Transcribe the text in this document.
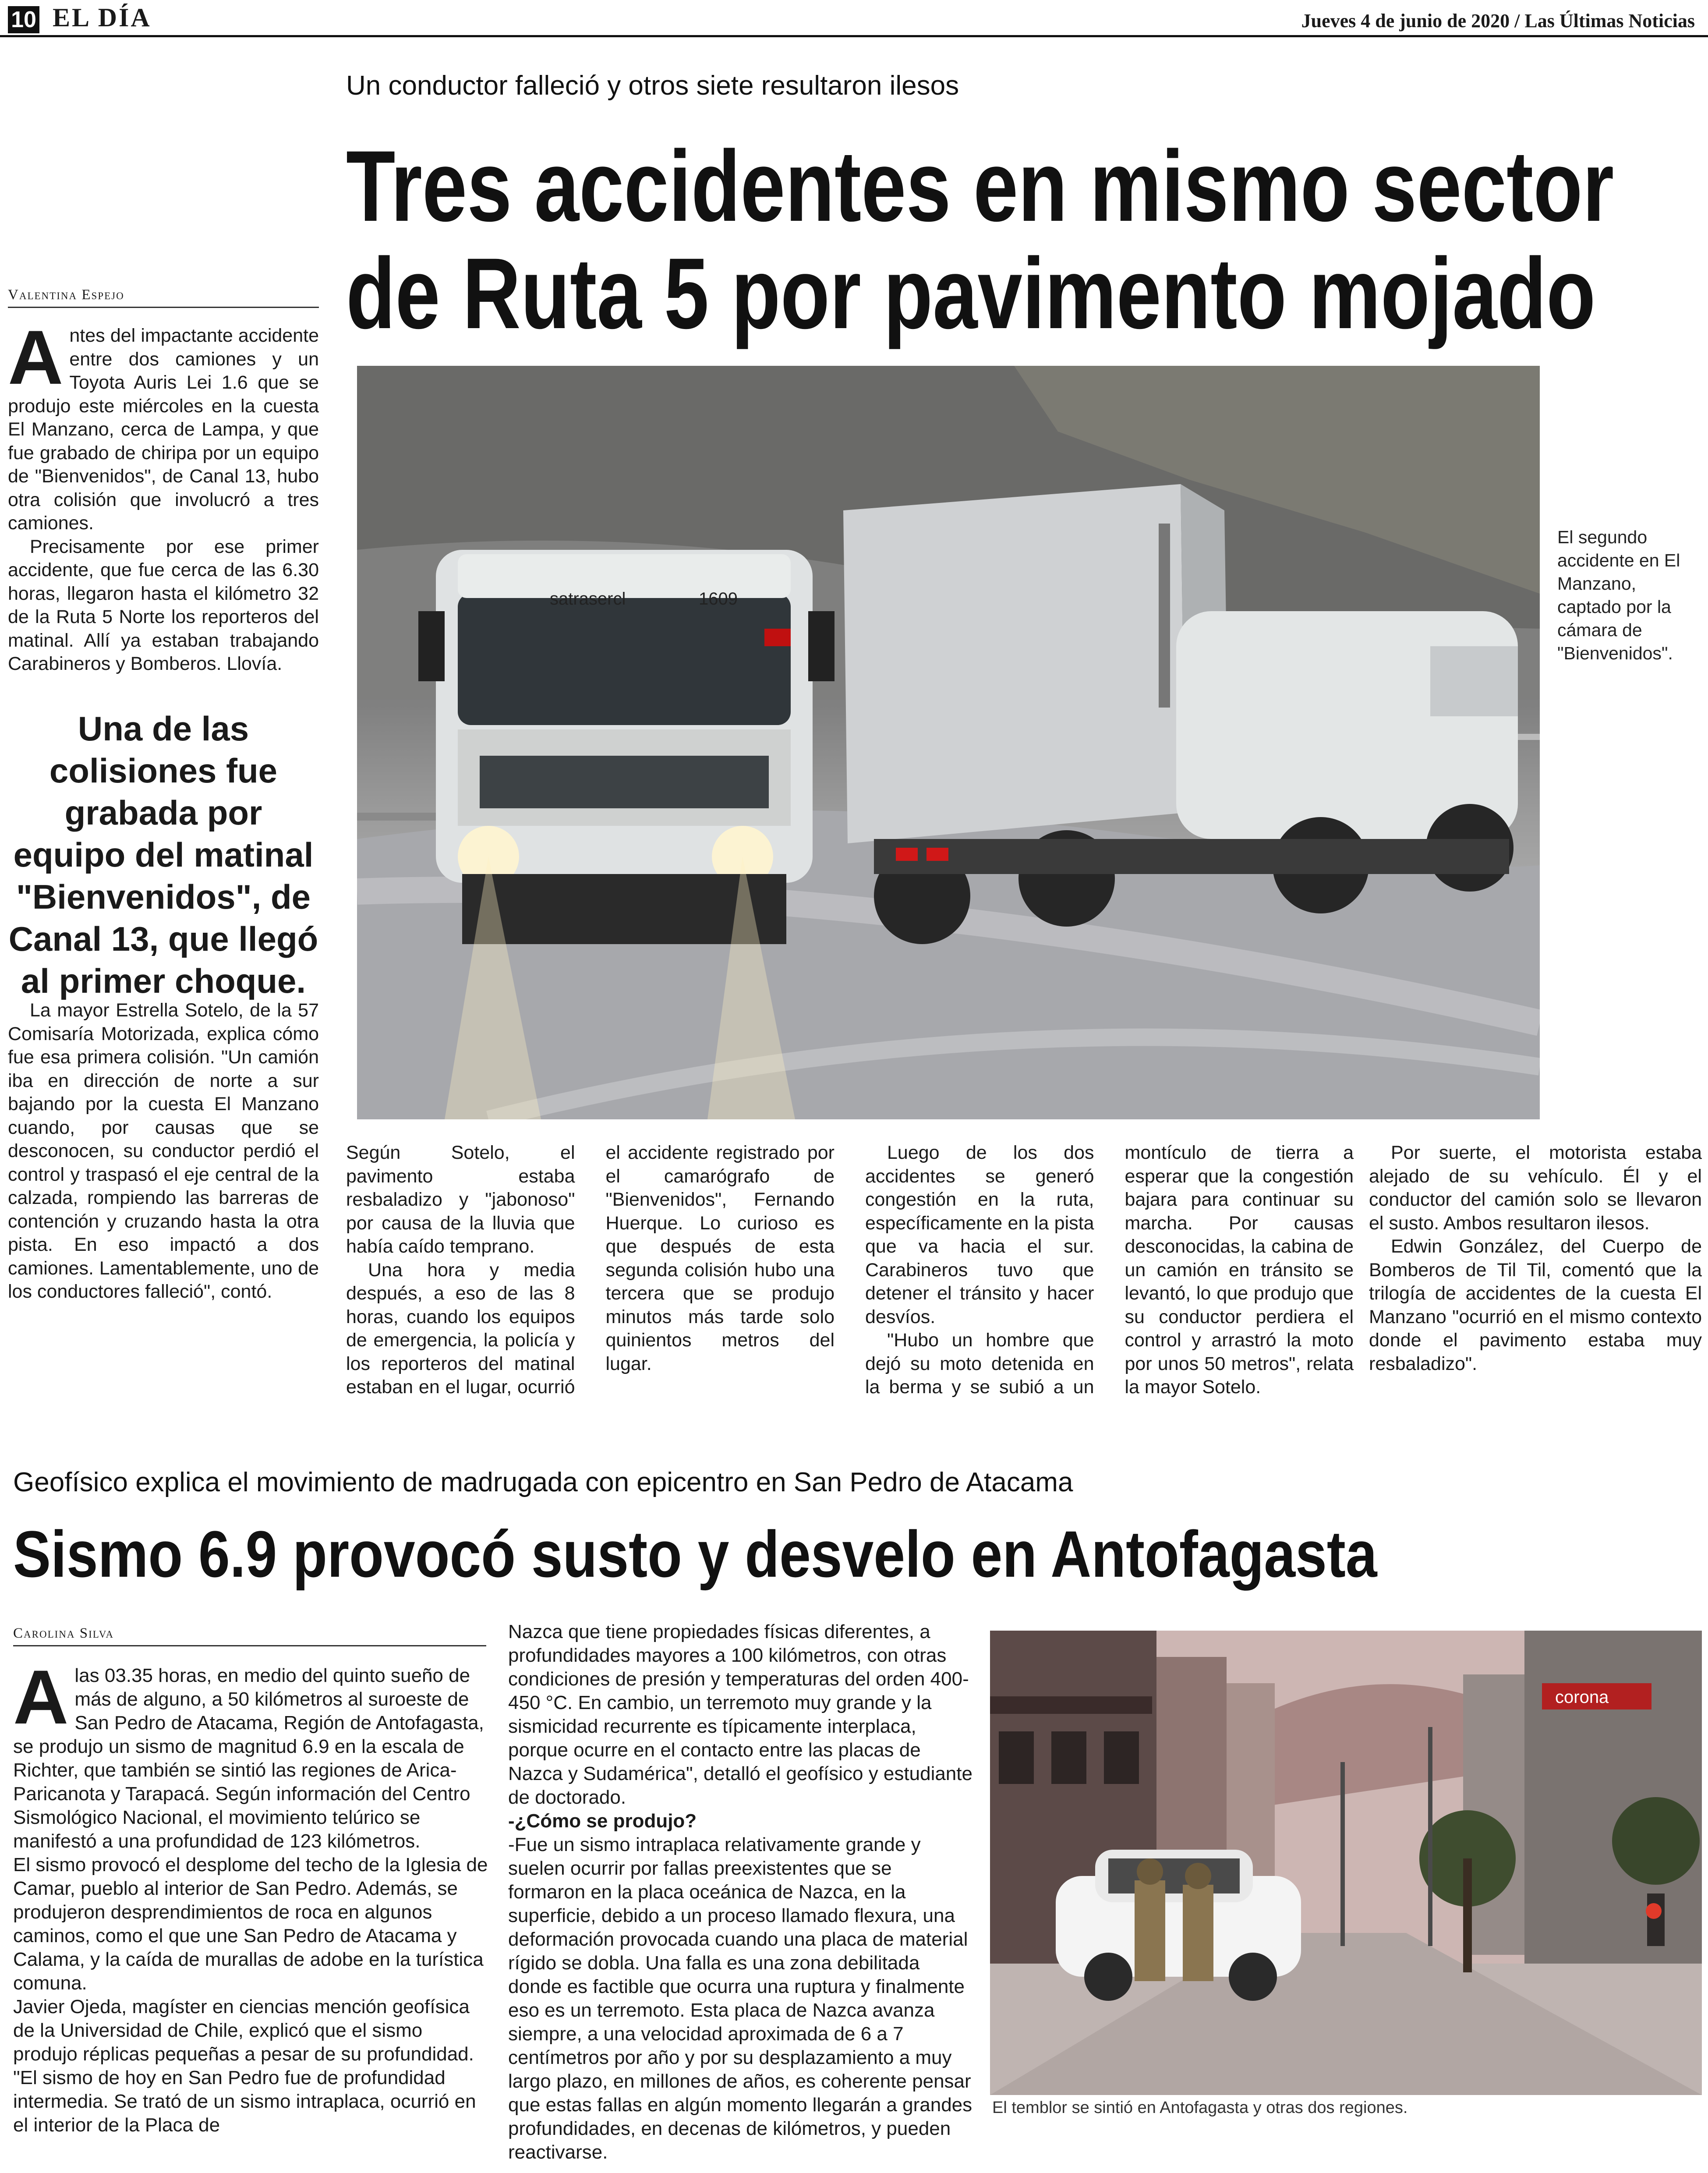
10 EL DÍA	Jueves 4 de junio de 2020 / Las Últimas Noticias
Un conductor falleció y otros siete resultaron ilesos
Tres accidentes en mismo sector
de Ruta 5 por pavimento mojado
Valentina Espejo
A ntes del impactante accidente entre dos camiones y un Toyota Auris Lei 1.6 que se produjo este miércoles en la cuesta El Manzano, cerca de Lampa, y que fue grabado de chiripa por un equipo de "Bienvenidos", de Canal 13, hubo otra colisión que involucró a tres camiones.

Precisamente por ese primer accidente, que fue cerca de las 6.30 horas, llegaron hasta el kilómetro 32 de la Ruta 5 Norte los reporteros del matinal. Allí ya estaban trabajando Carabineros y Bomberos. Llovía.

Una de las colisiones fue grabada por equipo del matinal "Bienvenidos", de Canal 13, que llegó al primer choque.

La mayor Estrella Sotelo, de la 57 Comisaría Motorizada, explica cómo fue esa primera colisión. "Un camión iba en dirección de norte a sur bajando por la cuesta El Manzano cuando, por causas que se desconocen, su conductor perdió el control y traspasó el eje central de la calzada, rompiendo las barreras de contención y cruzando hasta la otra pista. En eso impactó a dos camiones. Lamentablemente, uno de los conductores falleció", contó.

Según Sotelo, el pavimento estaba resbaladizo y "jabonoso" por causa de la lluvia que había caído temprano.

Una hora y media después, a eso de las 8 horas, cuando los equipos de emergencia, la policía y los reporteros del matinal estaban en el lugar, ocurrió el accidente registrado por el camarógrafo de "Bienvenidos", Fernando Huerque. Lo curioso es que después de esta segunda colisión hubo una tercera que se produjo minutos más tarde solo quinientos metros del lugar.

Luego de los dos accidentes se generó congestión en la ruta, específicamente en la pista que va hacia el sur. Carabineros tuvo que detener el tránsito y hacer desvíos.

"Hubo un hombre que dejó su moto detenida en la berma y se subió a un montículo de tierra a esperar que la congestión bajara para continuar su marcha. Por causas desconocidas, la cabina de un camión en tránsito se levantó, lo que produjo que su conductor perdiera el control y arrastró la moto por unos 50 metros", relata la mayor Sotelo.

Por suerte, el motorista estaba alejado de su vehículo. Él y el conductor del camión solo se llevaron el susto. Ambos resultaron ilesos.

Edwin González, del Cuerpo de Bomberos de Til Til, comentó que la trilogía de accidentes de la cuesta El Manzano "ocurrió en el mismo contexto donde el pavimento estaba muy resbaladizo".

satrasercl	1609
El segundo accidente en El Manzano, captado por la cámara de "Bienvenidos".
Geofísico explica el movimiento de madrugada con epicentro en San Pedro de Atacama
Sismo 6.9 provocó susto y desvelo en Antofagasta
Carolina Silva
A las 03.35 horas, en medio del quinto sueño de más de alguno, a 50 kilómetros al suroeste de San Pedro de Atacama, Región de Antofagasta, se produjo un sismo de magnitud 6.9 en la escala de Richter, que también se sintió las regiones de Arica-Paricanota y Tarapacá. Según información del Centro Sismológico Nacional, el movimiento telúrico se manifestó a una profundidad de 123 kilómetros.

El sismo provocó el desplome del techo de la Iglesia de Camar, pueblo al interior de San Pedro. Además, se produjeron desprendimientos de roca en algunos caminos, como el que une San Pedro de Atacama y Calama, y la caída de murallas de adobe en la turística comuna.

Javier Ojeda, magíster en ciencias mención geofísica de la Universidad de Chile, explicó que el sismo produjo réplicas pequeñas a pesar de su profundidad. "El sismo de hoy en San Pedro fue de profundidad intermedia. Se trató de un sismo intraplaca, ocurrió en el interior de la Placa de

Nazca que tiene propiedades físicas diferentes, a profundidades mayores a 100 kilómetros, con otras condiciones de presión y temperaturas del orden 400-450 °C. En cambio, un terremoto muy grande y la sismicidad recurrente es típicamente interplaca, porque ocurre en el contacto entre las placas de Nazca y Sudamérica", detalló el geofísico y estudiante de doctorado.

-¿Cómo se produjo?

-Fue un sismo intraplaca relativamente grande y suelen ocurrir por fallas preexistentes que se formaron en la placa oceánica de Nazca, en la superficie, debido a un proceso llamado flexura, una deformación provocada cuando una placa de material rígido se dobla. Una falla es una zona debilitada donde es factible que ocurra una ruptura y finalmente eso es un terremoto. Esta placa de Nazca avanza siempre, a una velocidad aproximada de 6 a 7 centímetros por año y por su desplazamiento a muy largo plazo, en millones de años, es coherente pensar que estas fallas en algún momento llegarán a grandes profundidades, en decenas de kilómetros, y pueden reactivarse.

corona
El temblor se sintió en Antofagasta y otras dos regiones.
